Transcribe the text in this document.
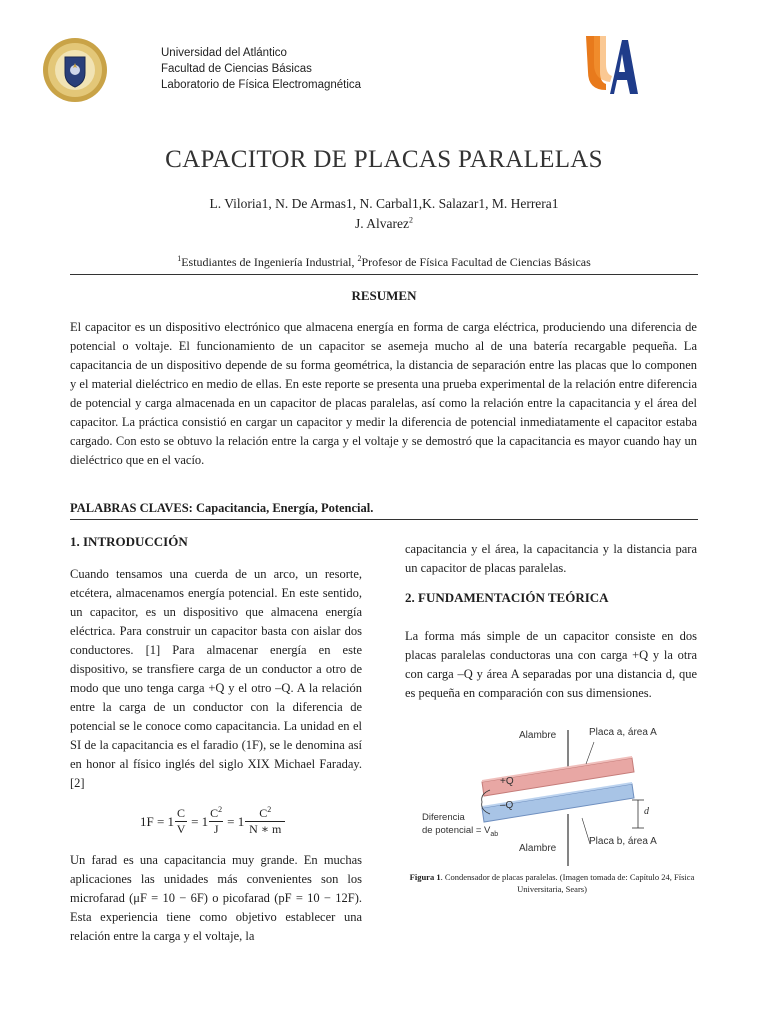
Universidad del Atlántico
Facultad de Ciencias Básicas
Laboratorio de Física Electromagnética
CAPACITOR DE PLACAS PARALELAS
L. Viloria1, N. De Armas1, N. Carbal1,K. Salazar1, M. Herrera1
J. Alvarez$^2$
$^1$Estudiantes de Ingeniería Industrial, $^2$Profesor de Física Facultad de Ciencias Básicas
RESUMEN
El capacitor es un dispositivo electrónico que almacena energía en forma de carga eléctrica, produciendo una diferencia de potencial o voltaje. El funcionamiento de un capacitor se asemeja mucho al de una batería recargable pequeña. La capacitancia de un dispositivo depende de su forma geométrica, la distancia de separación entre las placas que lo componen y el material dieléctrico en medio de ellas. En este reporte se presenta una prueba experimental de la relación entre diferencia de potencial y carga almacenada en un capacitor de placas paralelas, así como la relación entre la capacitancia y el área del capacitor. La práctica consistió en cargar un capacitor y medir la diferencia de potencial inmediatamente el capacitor estaba cargado. Con esto se obtuvo la relación entre la carga y el voltaje y se demostró que la capacitancia es mayor cuando hay un dieléctrico que en el vacío.
PALABRAS CLAVES: Capacitancia, Energía, Potencial.
1. INTRODUCCIÓN
Cuando tensamos una cuerda de un arco, un resorte, etcétera, almacenamos energía potencial. En este sentido, un capacitor, es un dispositivo que almacena energía eléctrica. Para construir un capacitor basta con aislar dos conductores. [1] Para almacenar energía en este dispositivo, se transfiere carga de un conductor a otro de modo que uno tenga carga +Q y el otro –Q. A la relación entre la carga de un conductor con la diferencia de potencial se le conoce como capacitancia. La unidad en el SI de la capacitancia es el faradio (1F), se le denomina así en honor al físico inglés del siglo XIX Michael Faraday.[2]
1F = 1
C
V
= 1
$C^2$
J
= 1
$C^2$
N ∗ m
Un farad es una capacitancia muy grande. En muchas aplicaciones las unidades más convenientes son los microfarad (μF = 10 − 6F) o picofarad (pF = 10 − 12F). Esta experiencia tiene como objetivo establecer una relación entre la carga y el voltaje, la
capacitancia y el área, la capacitancia y la distancia para un capacitor de placas paralelas.
2. FUNDAMENTACIÓN TEÓRICA
La forma más simple de un capacitor consiste en dos placas paralelas conductoras una con carga +Q y la otra con carga –Q y área A separadas por una distancia d, que es pequeña en comparación con sus dimensiones.
Alambre	Placa a, área A
+Q
–Q
d
Diferencia
de potencial = $V_{ab}$
Placa b, área A
Alambre
Figura 1. Condensador de placas paralelas. (Imagen tomada de: Capítulo 24, Física Universitaria, Sears)
